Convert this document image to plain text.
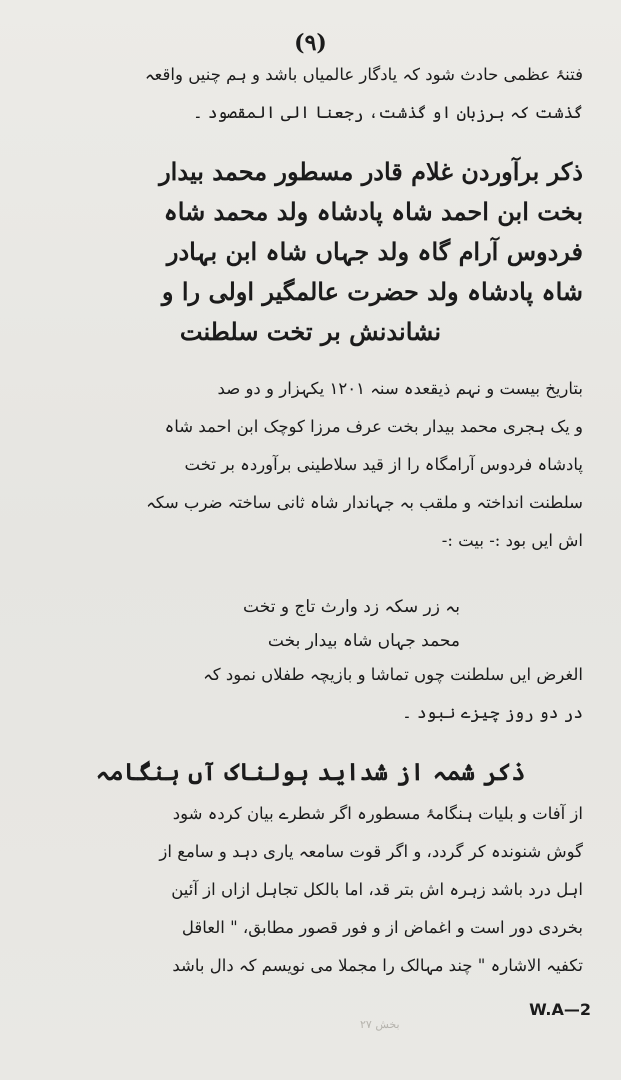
(۹)
فتنۂ عظمی حادث شود کہ یادگار عالمیاں باشد و ہم چنیں واقعہ
گذشت کہ برزبان او گذشت، رجعنا الی المقصود ۔
ذکر برآوردن غلام قادر مسطور محمد بیدار
بخت ابن احمد شاہ پادشاہ ولد محمد شاہ
فردوس آرام گاہ ولد جہاں شاہ ابن بہادر
شاہ پادشاہ ولد حضرت عالمگیر اولی را و
نشاندنش بر تخت سلطنت
بتاریخ بیست و نہم ذیقعدہ سنہ ۱۲۰۱ یکہزار و دو صد
و یک ہجری محمد بیدار بخت عرف مرزا کوچک ابن احمد شاہ
پادشاہ فردوس آرامگاہ را از قید سلاطینی برآوردہ بر تخت
سلطنت انداختہ و ملقب بہ جہاندار شاہ ثانی ساختہ ضرب سکہ
اش ایں بود :- بیت :-
بہ زر سکہ زد وارث تاج و تخت
محمد جہاں شاہ بیدار بخت
الغرض ایں سلطنت چوں تماشا و بازیچہ طفلاں نمود کہ
در دو روز چیزے نبود ۔
ذکر شمہ از شداید ہولناک آں ہنگامہ
از آفات و بلیات ہنگامۂ مسطورہ اگر شطرے بیان کردہ شود
گوش شنوندہ کر گردد، و اگر قوت سامعہ یاری دہد و سامع از
اہل درد باشد زہرہ اش بتر قد، اما بالکل تجاہل ازاں از آئین
بخردی دور است و اغماض از و فور قصور مطابق، " العاقل
تکفیہ الاشارہ " چند مہالک را مجملا می نویسم کہ دال باشد
W.A—2
بخش ۲۷
